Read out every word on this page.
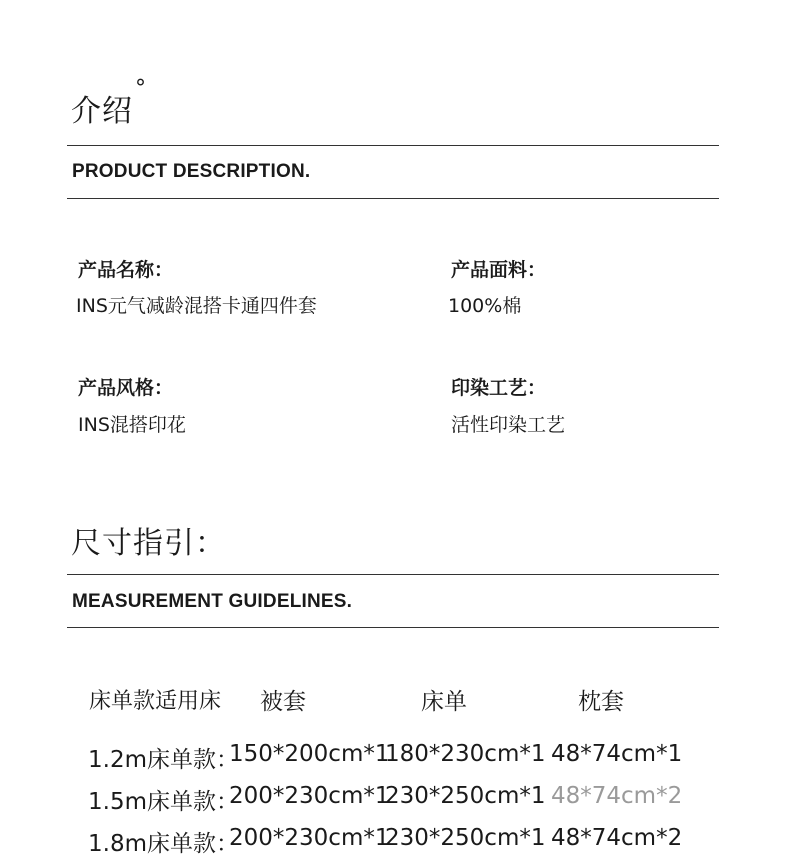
介绍°
PRODUCT DESCRIPTION.
产品名称：
INS元气减龄混搭卡通四件套
产品面料：
100%棉
产品风格：
INS混搭印花
印染工艺：
活性印染工艺
尺寸指引：
MEASUREMENT GUIDELINES.
床单款适用床 被套	床单	枕套
1.2m床单款：
150*200cm*1
180*230cm*1 48*74cm*1
1.5m床单款：
200*230cm*1
230*250cm*1 48*74cm*2
1.8m床单款：
200*230cm*1
230*250cm*1 48*74cm*2
